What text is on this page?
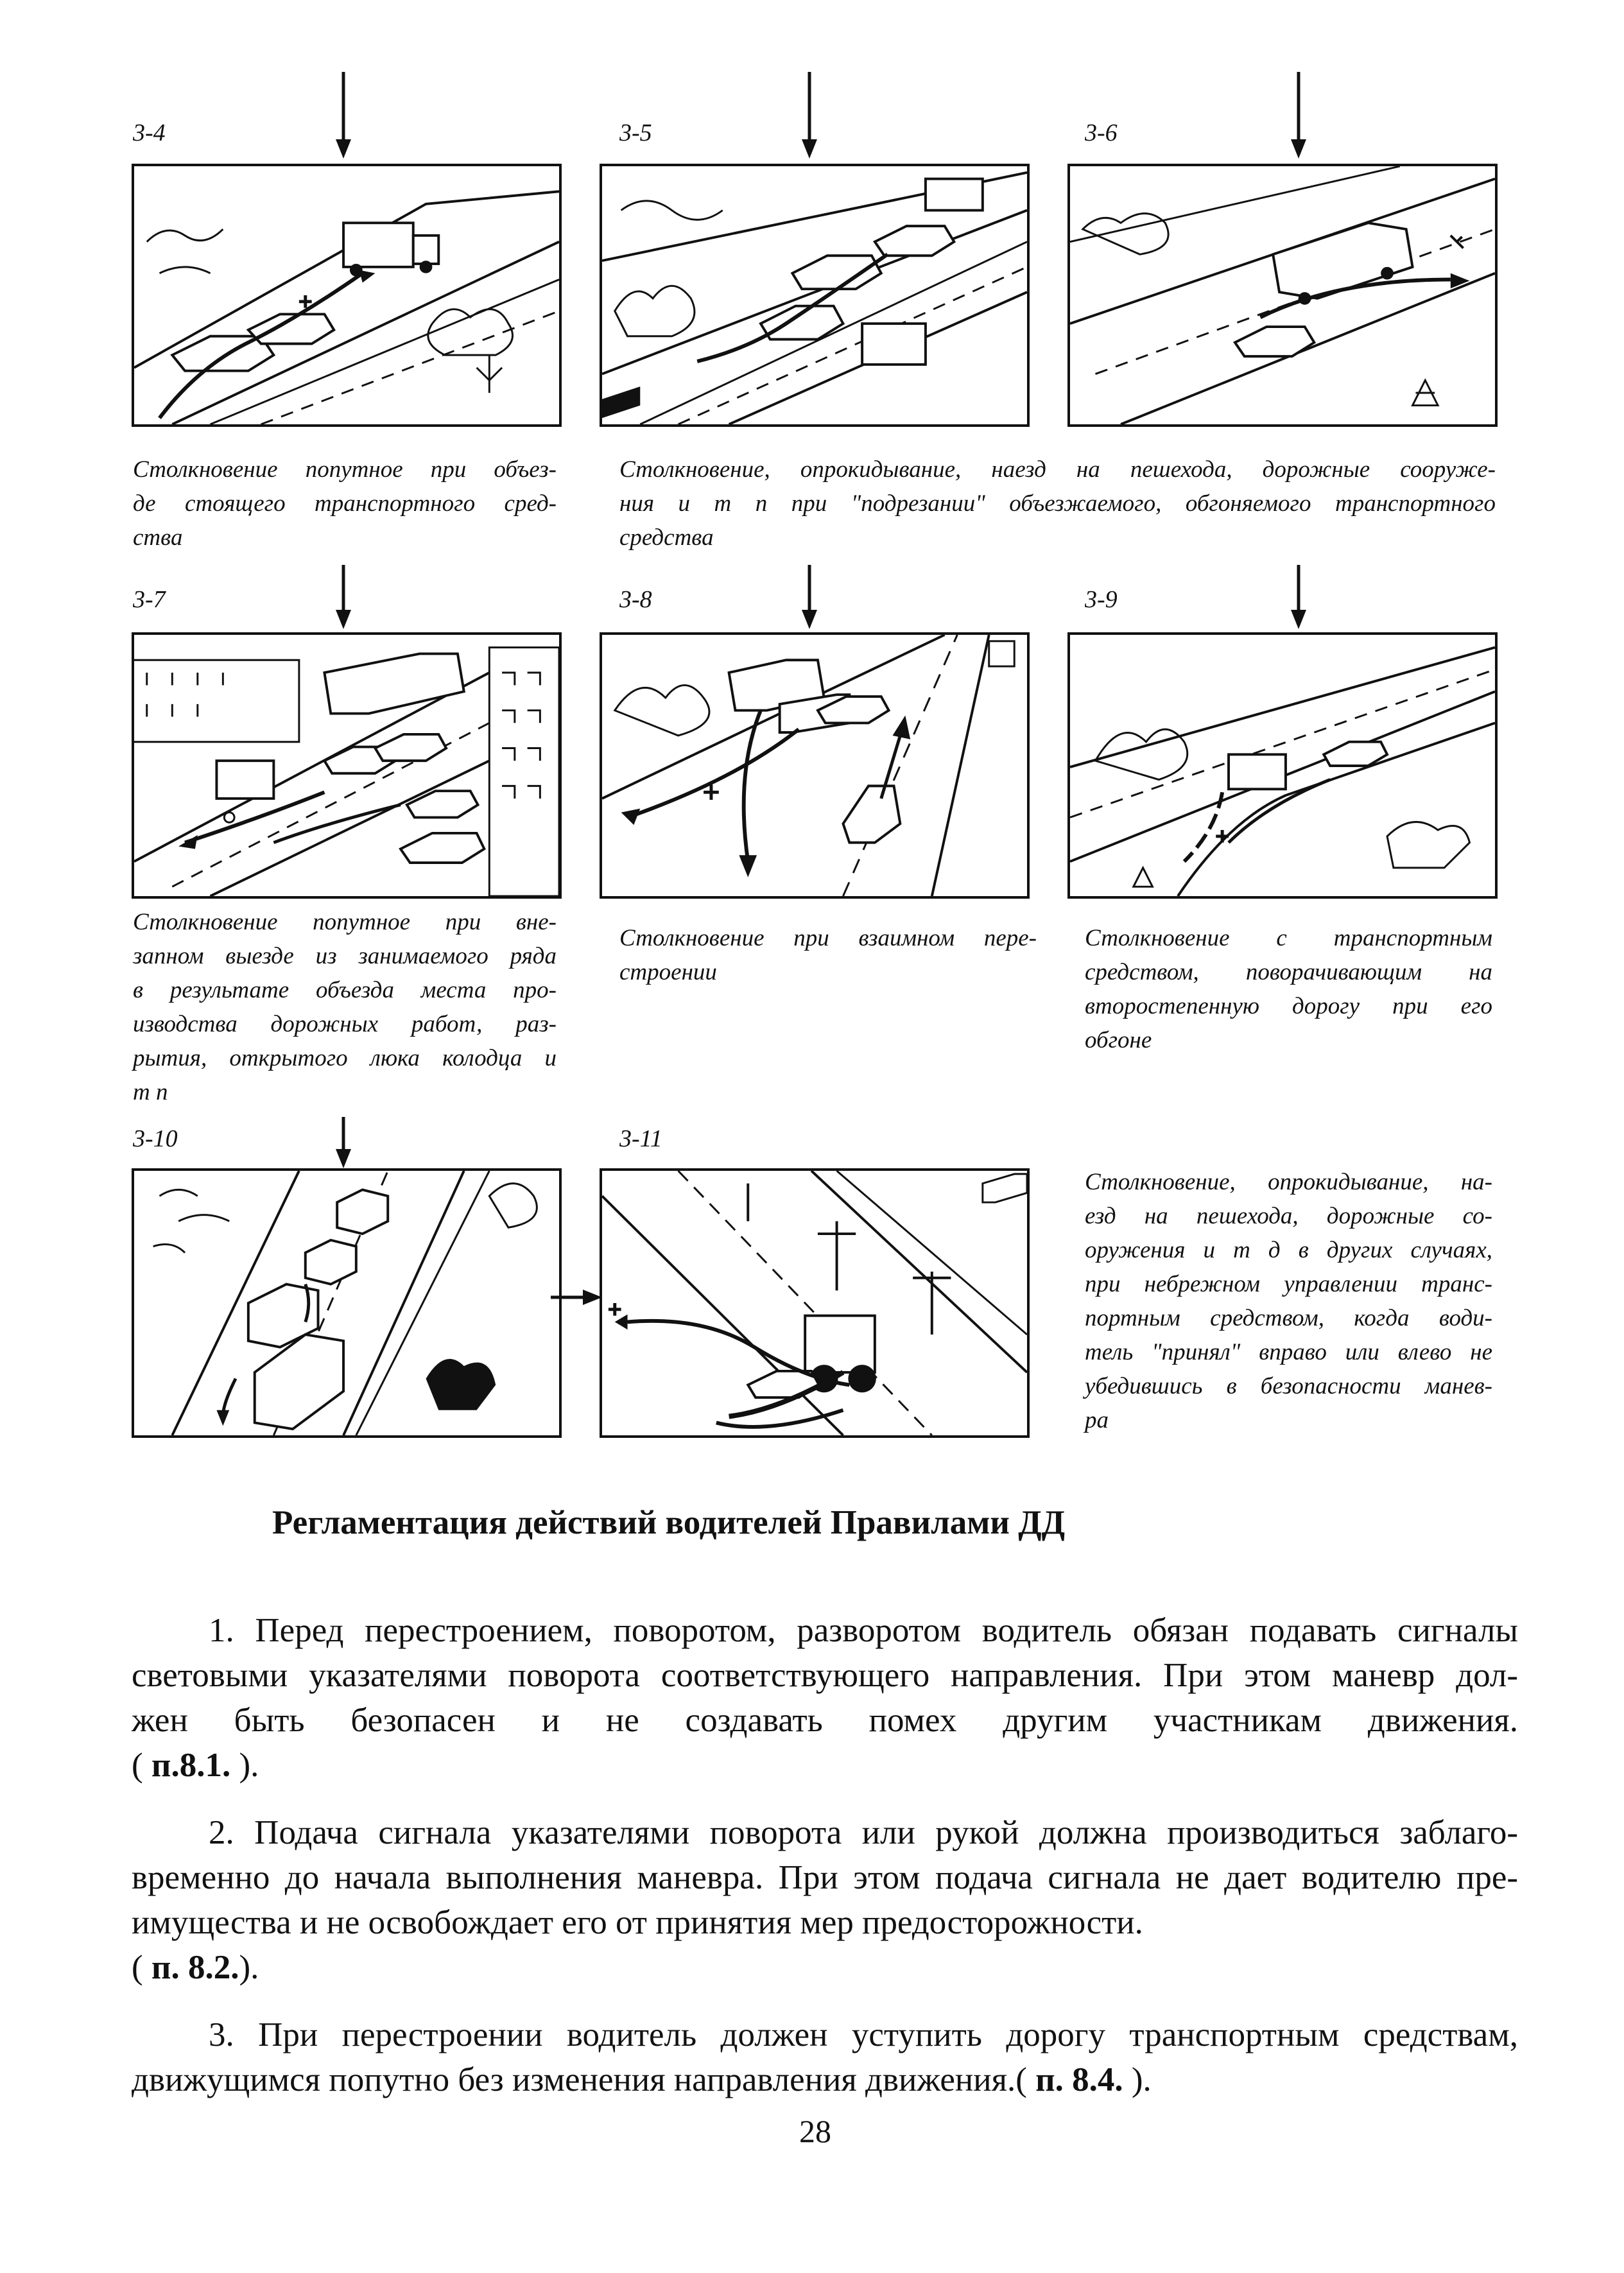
3-4	3-5	3-6
Столкновение попутное при объез-
де стоящего транспортного сред-
ства
Столкновение, опрокидывание, наезд на пешехода, дорожные сооруже-
ния и т п при "подрезании" объезжаемого, обгоняемого транспортного
средства
3-7	3-8	3-9
Столкновение попутное при вне-
запном выезде из занимаемого ряда
в результате объезда места про-
изводства дорожных работ, раз-
рытия, открытого люка колодца и
т п
Столкновение при взаимном пере-
строении
Столкновение с транспортным
средством, поворачивающим на
второстепенную дорогу при его
обгоне
3-10	3-11
Столкновение, опрокидывание, на-
езд на пешехода, дорожные со-
оружения и т д в других случаях,
при небрежном управлении транс-
портным средством, когда води-
тель "принял" вправо или влево не
убедившись в безопасности манев-
ра
Регламентация действий водителей Правилами ДД
1. Перед перестроением, поворотом, разворотом водитель обязан подавать сигналы
световыми указателями поворота соответствующего направления. При этом маневр дол-
жен быть безопасен и не создавать помех другим участникам движения.
( п.8.1. ).
2. Подача сигнала указателями поворота или рукой должна производиться заблаго-
временно до начала выполнения маневра. При этом подача сигнала не дает водителю пре-
имущества и не освобождает его от принятия мер предосторожности.
( п. 8.2.).
3. При перестроении водитель должен уступить дорогу транспортным средствам,
движущимся попутно без изменения направления движения.( п. 8.4. ).
28
